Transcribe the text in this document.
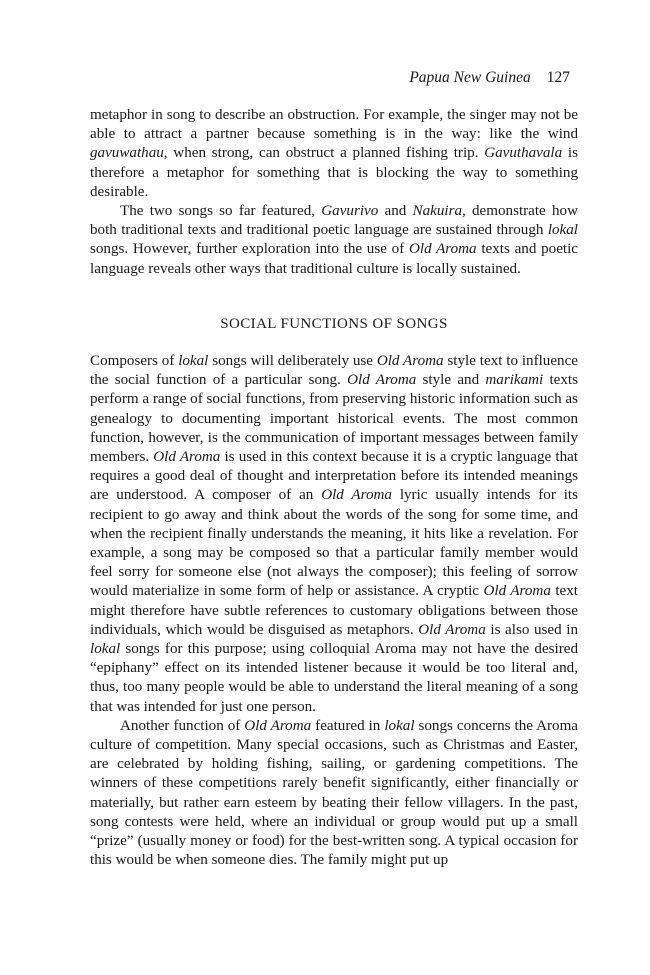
Papua New Guinea 127

metaphor in song to describe an obstruction. For example, the singer may not be able to attract a partner because something is in the way: like the wind gavuwathau, when strong, can obstruct a planned fishing trip. Gavuthavala is therefore a metaphor for something that is blocking the way to something desirable.

The two songs so far featured, Gavurivo and Nakuira, demonstrate how both traditional texts and traditional poetic language are sustained through lokal songs. However, further exploration into the use of Old Aroma texts and poetic language reveals other ways that traditional culture is locally sustained.

SOCIAL FUNCTIONS OF SONGS

Composers of lokal songs will deliberately use Old Aroma style text to influence the social function of a particular song. Old Aroma style and marikami texts perform a range of social functions, from preserving historic information such as genealogy to documenting important historical events. The most common function, however, is the communication of important messages between family members. Old Aroma is used in this context because it is a cryptic language that requires a good deal of thought and interpretation before its intended meanings are understood. A composer of an Old Aroma lyric usually intends for its recipient to go away and think about the words of the song for some time, and when the recipient finally understands the meaning, it hits like a revelation. For example, a song may be composed so that a particular family member would feel sorry for someone else (not always the composer); this feeling of sorrow would materialize in some form of help or assistance. A cryptic Old Aroma text might therefore have subtle references to customary obligations between those individuals, which would be disguised as metaphors. Old Aroma is also used in lokal songs for this purpose; using colloquial Aroma may not have the desired “epiphany” effect on its intended listener because it would be too literal and, thus, too many people would be able to understand the literal meaning of a song that was intended for just one person.

Another function of Old Aroma featured in lokal songs concerns the Aroma culture of competition. Many special occasions, such as Christmas and Easter, are celebrated by holding fishing, sailing, or gardening competitions. The winners of these competitions rarely benefit significantly, either financially or materially, but rather earn esteem by beating their fellow villagers. In the past, song contests were held, where an individual or group would put up a small “prize” (usually money or food) for the best-written song. A typical occasion for this would be when someone dies. The family might put up
